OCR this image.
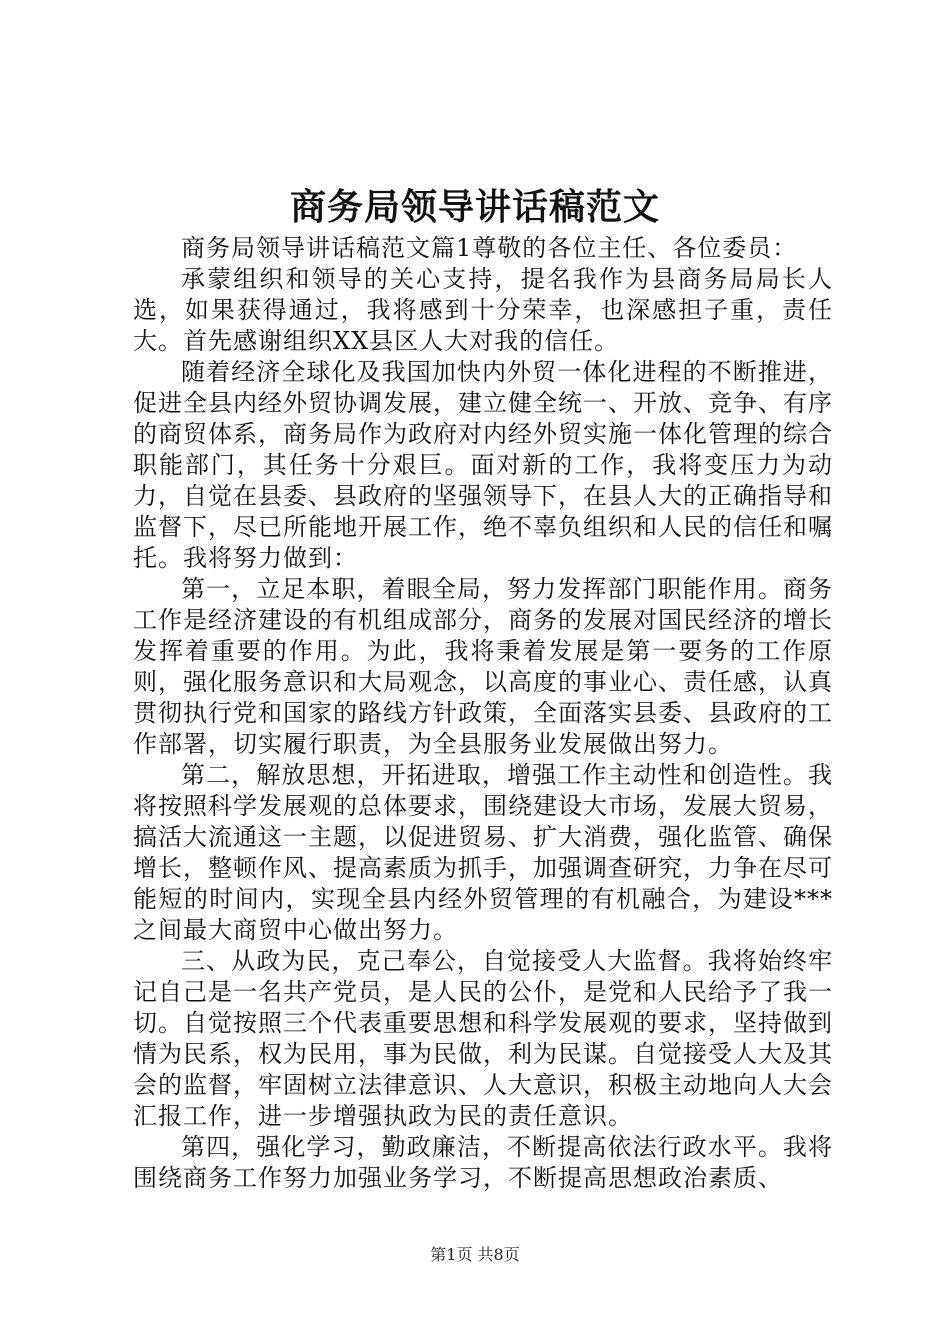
商务局领导讲话稿范文

商务局领导讲话稿范文篇1尊敬的各位主任、各位委员：

承蒙组织和领导的关心支持，提名我作为县商务局局长人选，如果获得通过，我将感到十分荣幸，也深感担子重，责任大。首先感谢组织XX县区人大对我的信任。

随着经济全球化及我国加快内外贸一体化进程的不断推进，促进全县内经外贸协调发展，建立健全统一、开放、竞争、有序的商贸体系，商务局作为政府对内经外贸实施一体化管理的综合职能部门，其任务十分艰巨。面对新的工作，我将变压力为动力，自觉在县委、县政府的坚强领导下，在县人大的正确指导和监督下，尽已所能地开展工作，绝不辜负组织和人民的信任和嘱托。我将努力做到：

第一，立足本职，着眼全局，努力发挥部门职能作用。商务工作是经济建设的有机组成部分，商务的发展对国民经济的增长发挥着重要的作用。为此，我将秉着发展是第一要务的工作原则，强化服务意识和大局观念，以高度的事业心、责任感，认真贯彻执行党和国家的路线方针政策，全面落实县委、县政府的工作部署，切实履行职责，为全县服务业发展做出努力。

第二，解放思想，开拓进取，增强工作主动性和创造性。我将按照科学发展观的总体要求，围绕建设大市场，发展大贸易，搞活大流通这一主题，以促进贸易、扩大消费，强化监管、确保增长，整顿作风、提高素质为抓手，加强调查研究，力争在尽可能短的时间内，实现全县内经外贸管理的有机融合，为建设***之间最大商贸中心做出努力。

三、从政为民，克己奉公，自觉接受人大监督。我将始终牢记自己是一名共产党员，是人民的公仆，是党和人民给予了我一切。自觉按照三个代表重要思想和科学发展观的要求，坚持做到情为民系，权为民用，事为民做，利为民谋。自觉接受人大及其会的监督，牢固树立法律意识、人大意识，积极主动地向人大会汇报工作，进一步增强执政为民的责任意识。

第四，强化学习，勤政廉洁，不断提高依法行政水平。我将围绕商务工作努力加强业务学习，不断提高思想政治素质、

第1页 共8页
